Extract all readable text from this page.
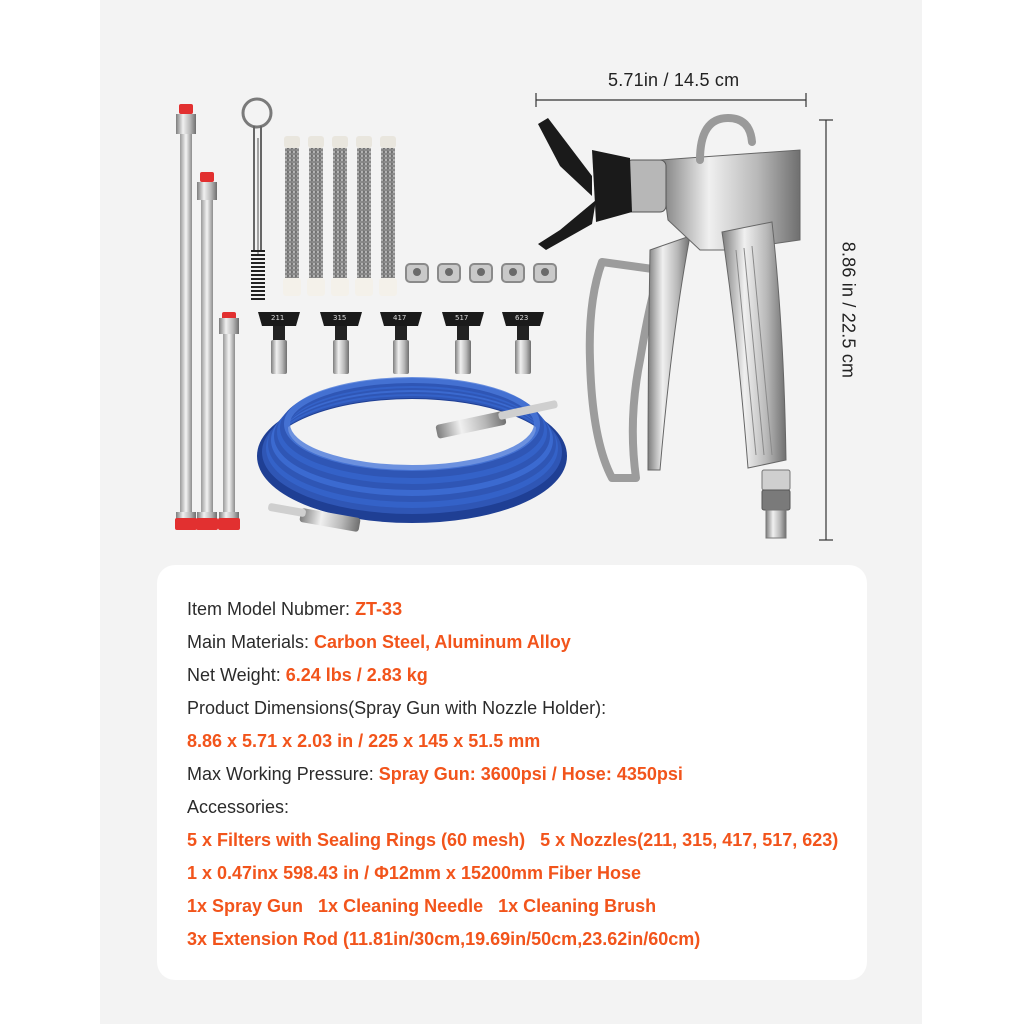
211	315	417	517	623
5.71in / 14.5 cm
8.86 in / 22.5 cm
Item Model Nubmer: ZT-33
Main Materials: Carbon Steel, Aluminum Alloy
Net Weight: 6.24 lbs / 2.83 kg
Product Dimensions(Spray Gun with Nozzle Holder):
8.86 x 5.71 x 2.03 in / 225 x 145 x 51.5 mm
Max Working Pressure: Spray Gun: 3600psi / Hose: 4350psi
Accessories:
5 x Filters with Sealing Rings (60 mesh)   5 x Nozzles(211, 315, 417, 517, 623)
1 x 0.47inx 598.43 in / Φ12mm x 15200mm Fiber Hose
1x Spray Gun   1x Cleaning Needle   1x Cleaning Brush
3x Extension Rod (11.81in/30cm,19.69in/50cm,23.62in/60cm)
